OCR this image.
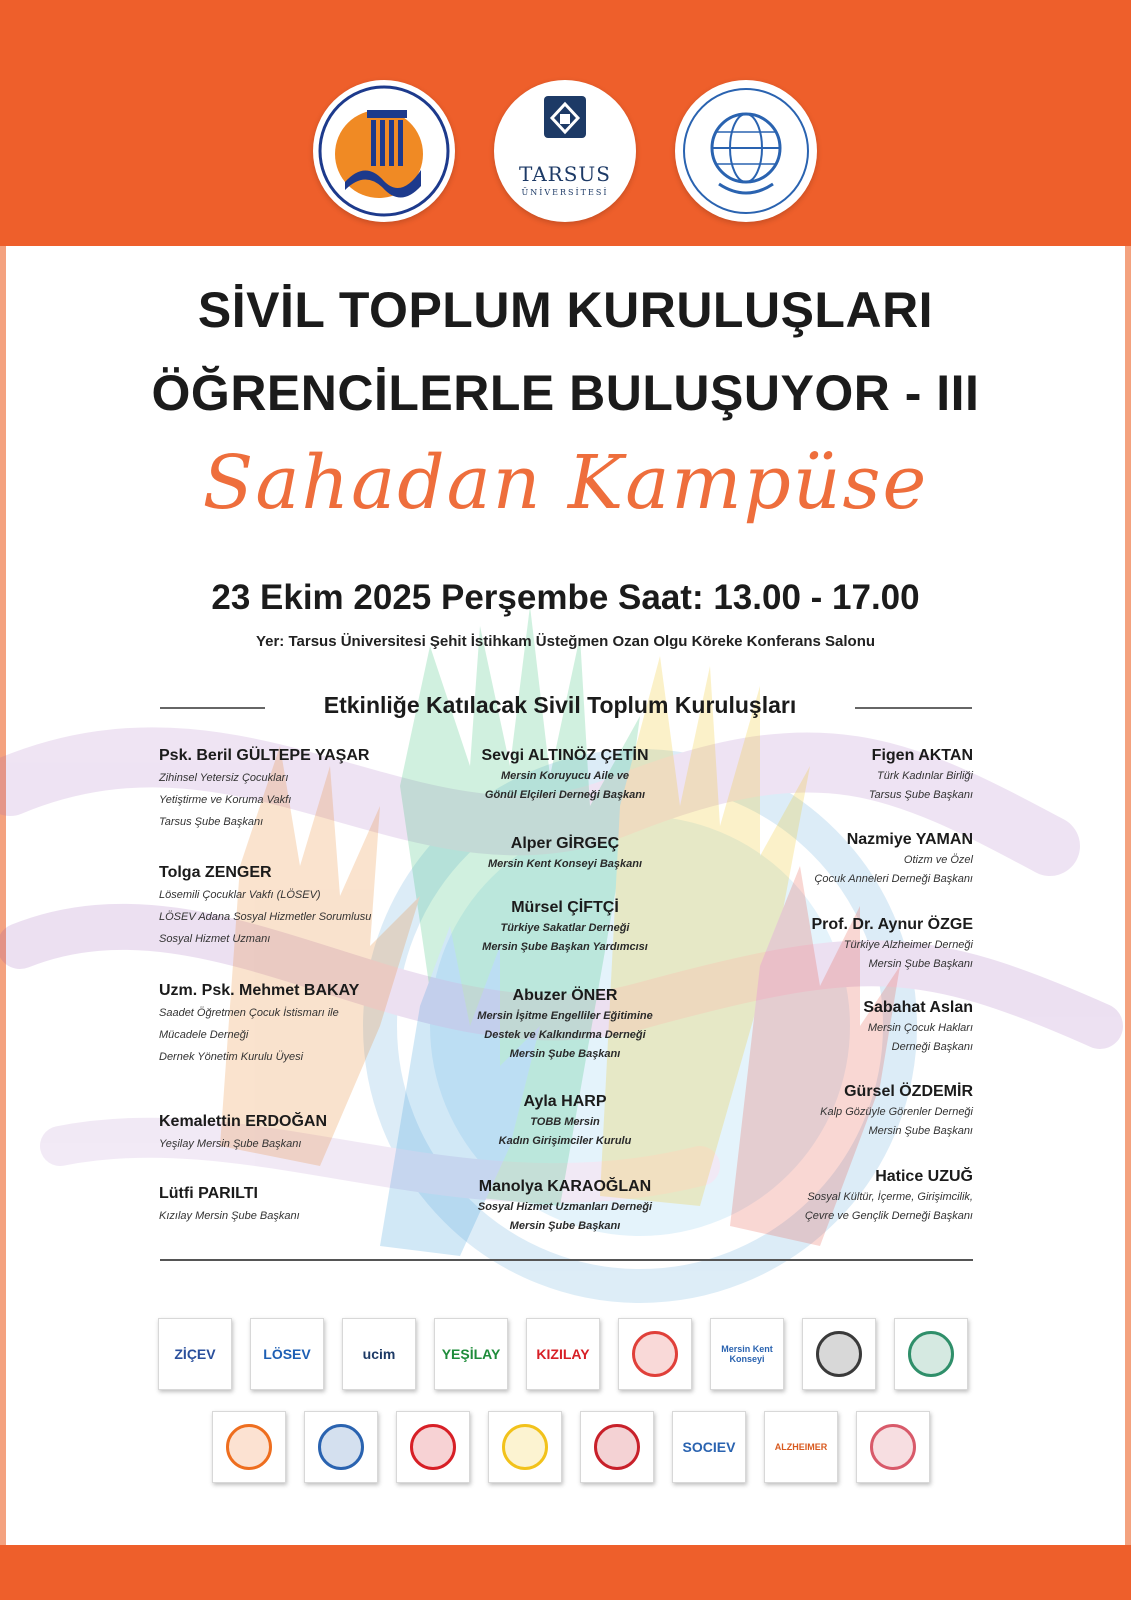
TARSUS
ÜNİVERSİTESİ
SİVİL TOPLUM KURULUŞLARI
ÖĞRENCİLERLE BULUŞUYOR - III
Sahadan Kampüse
23 Ekim 2025 Perşembe Saat: 13.00 - 17.00
Yer: Tarsus Üniversitesi Şehit İstihkam Üsteğmen Ozan Olgu Köreke Konferans Salonu
Etkinliğe Katılacak Sivil Toplum Kuruluşları
Psk. Beril GÜLTEPE YAŞAR
Zihinsel Yetersiz Çocukları
Yetiştirme ve Koruma Vakfı
Tarsus Şube Başkanı
Tolga ZENGER
Lösemili Çocuklar Vakfı (LÖSEV)
LÖSEV Adana Sosyal Hizmetler Sorumlusu
Sosyal Hizmet Uzmanı
Uzm. Psk. Mehmet BAKAY
Saadet Öğretmen Çocuk İstismarı ile
Mücadele Derneği
Dernek Yönetim Kurulu Üyesi
Kemalettin ERDOĞAN
Yeşilay Mersin Şube Başkanı
Lütfi PARILTI
Kızılay Mersin Şube Başkanı
Sevgi ALTINÖZ ÇETİN
Mersin Koruyucu Aile ve
Gönül Elçileri Derneği Başkanı
Alper GİRGEÇ
Mersin Kent Konseyi Başkanı
Mürsel ÇİFTÇİ
Türkiye Sakatlar Derneği
Mersin Şube Başkan Yardımcısı
Abuzer ÖNER
Mersin İşitme Engelliler Eğitimine
Destek ve Kalkındırma Derneği
Mersin Şube Başkanı
Ayla HARP
TOBB Mersin
Kadın Girişimciler Kurulu
Manolya KARAOĞLAN
Sosyal Hizmet Uzmanları Derneği
Mersin Şube Başkanı
Figen AKTAN
Türk Kadınlar Birliği
Tarsus Şube Başkanı
Nazmiye YAMAN
Otizm ve Özel
Çocuk Anneleri Derneği Başkanı
Prof. Dr. Aynur ÖZGE
Türkiye Alzheimer Derneği
Mersin Şube Başkanı
Sabahat Aslan
Mersin Çocuk Hakları
Derneği Başkanı
Gürsel ÖZDEMİR
Kalp Gözüyle Görenler Derneği
Mersin Şube Başkanı
Hatice UZUĞ
Sosyal Kültür, İçerme, Girişimcilik,
Çevre ve Gençlik Derneği Başkanı
ZİÇEV	LÖSEV	ucim	YEŞİLAY	KIZILAY	Mersin Kent Konseyi
SOCIEV	ALZHEIMER
